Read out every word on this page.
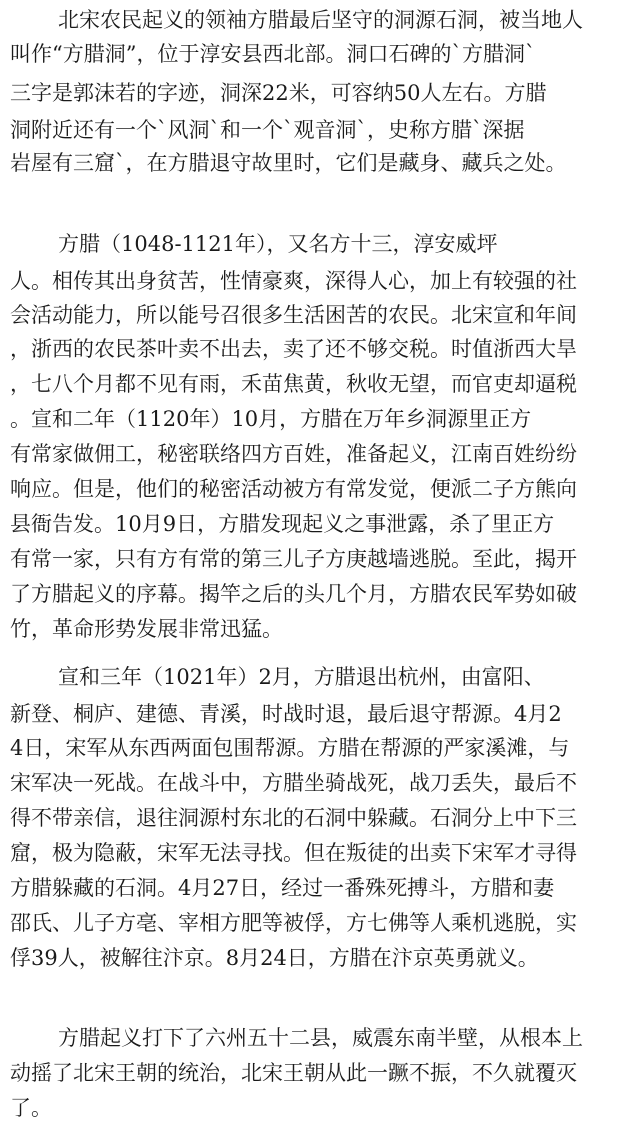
北宋农民起义的领袖方腊最后坚守的洞源石洞，被当地人
叫作“方腊洞”，位于淳安县西北部。洞口石碑的`方腊洞`
三字是郭沫若的字迹，洞深22米，可容纳50人左右。方腊
洞附近还有一个`风洞`和一个`观音洞`，史称方腊`深据
岩屋有三窟`，在方腊退守故里时，它们是藏身、藏兵之处。
方腊（1048-1121年），又名方十三，淳安威坪
人。相传其出身贫苦，性情豪爽，深得人心，加上有较强的社
会活动能力，所以能号召很多生活困苦的农民。北宋宣和年间
，浙西的农民茶叶卖不出去，卖了还不够交税。时值浙西大旱
，七八个月都不见有雨，禾苗焦黄，秋收无望，而官吏却逼税
。宣和二年（1120年）10月，方腊在万年乡洞源里正方
有常家做佣工，秘密联络四方百姓，准备起义，江南百姓纷纷
响应。但是，他们的秘密活动被方有常发觉，便派二子方熊向
县衙告发。10月9日，方腊发现起义之事泄露，杀了里正方
有常一家，只有方有常的第三儿子方庚越墙逃脱。至此，揭开
了方腊起义的序幕。揭竿之后的头几个月，方腊农民军势如破
竹，革命形势发展非常迅猛。
宣和三年（1021年）2月，方腊退出杭州，由富阳、
新登、桐庐、建德、青溪，时战时退，最后退守帮源。4月2
4日，宋军从东西两面包围帮源。方腊在帮源的严家溪滩，与
宋军决一死战。在战斗中，方腊坐骑战死，战刀丢失，最后不
得不带亲信，退往洞源村东北的石洞中躲藏。石洞分上中下三
窟，极为隐蔽，宋军无法寻找。但在叛徒的出卖下宋军才寻得
方腊躲藏的石洞。4月27日，经过一番殊死搏斗，方腊和妻
邵氏、儿子方亳、宰相方肥等被俘，方七佛等人乘机逃脱，实
俘39人，被解往汴京。8月24日，方腊在汴京英勇就义。
方腊起义打下了六州五十二县，威震东南半壁，从根本上
动摇了北宋王朝的统治，北宋王朝从此一蹶不振，不久就覆灭
了。
